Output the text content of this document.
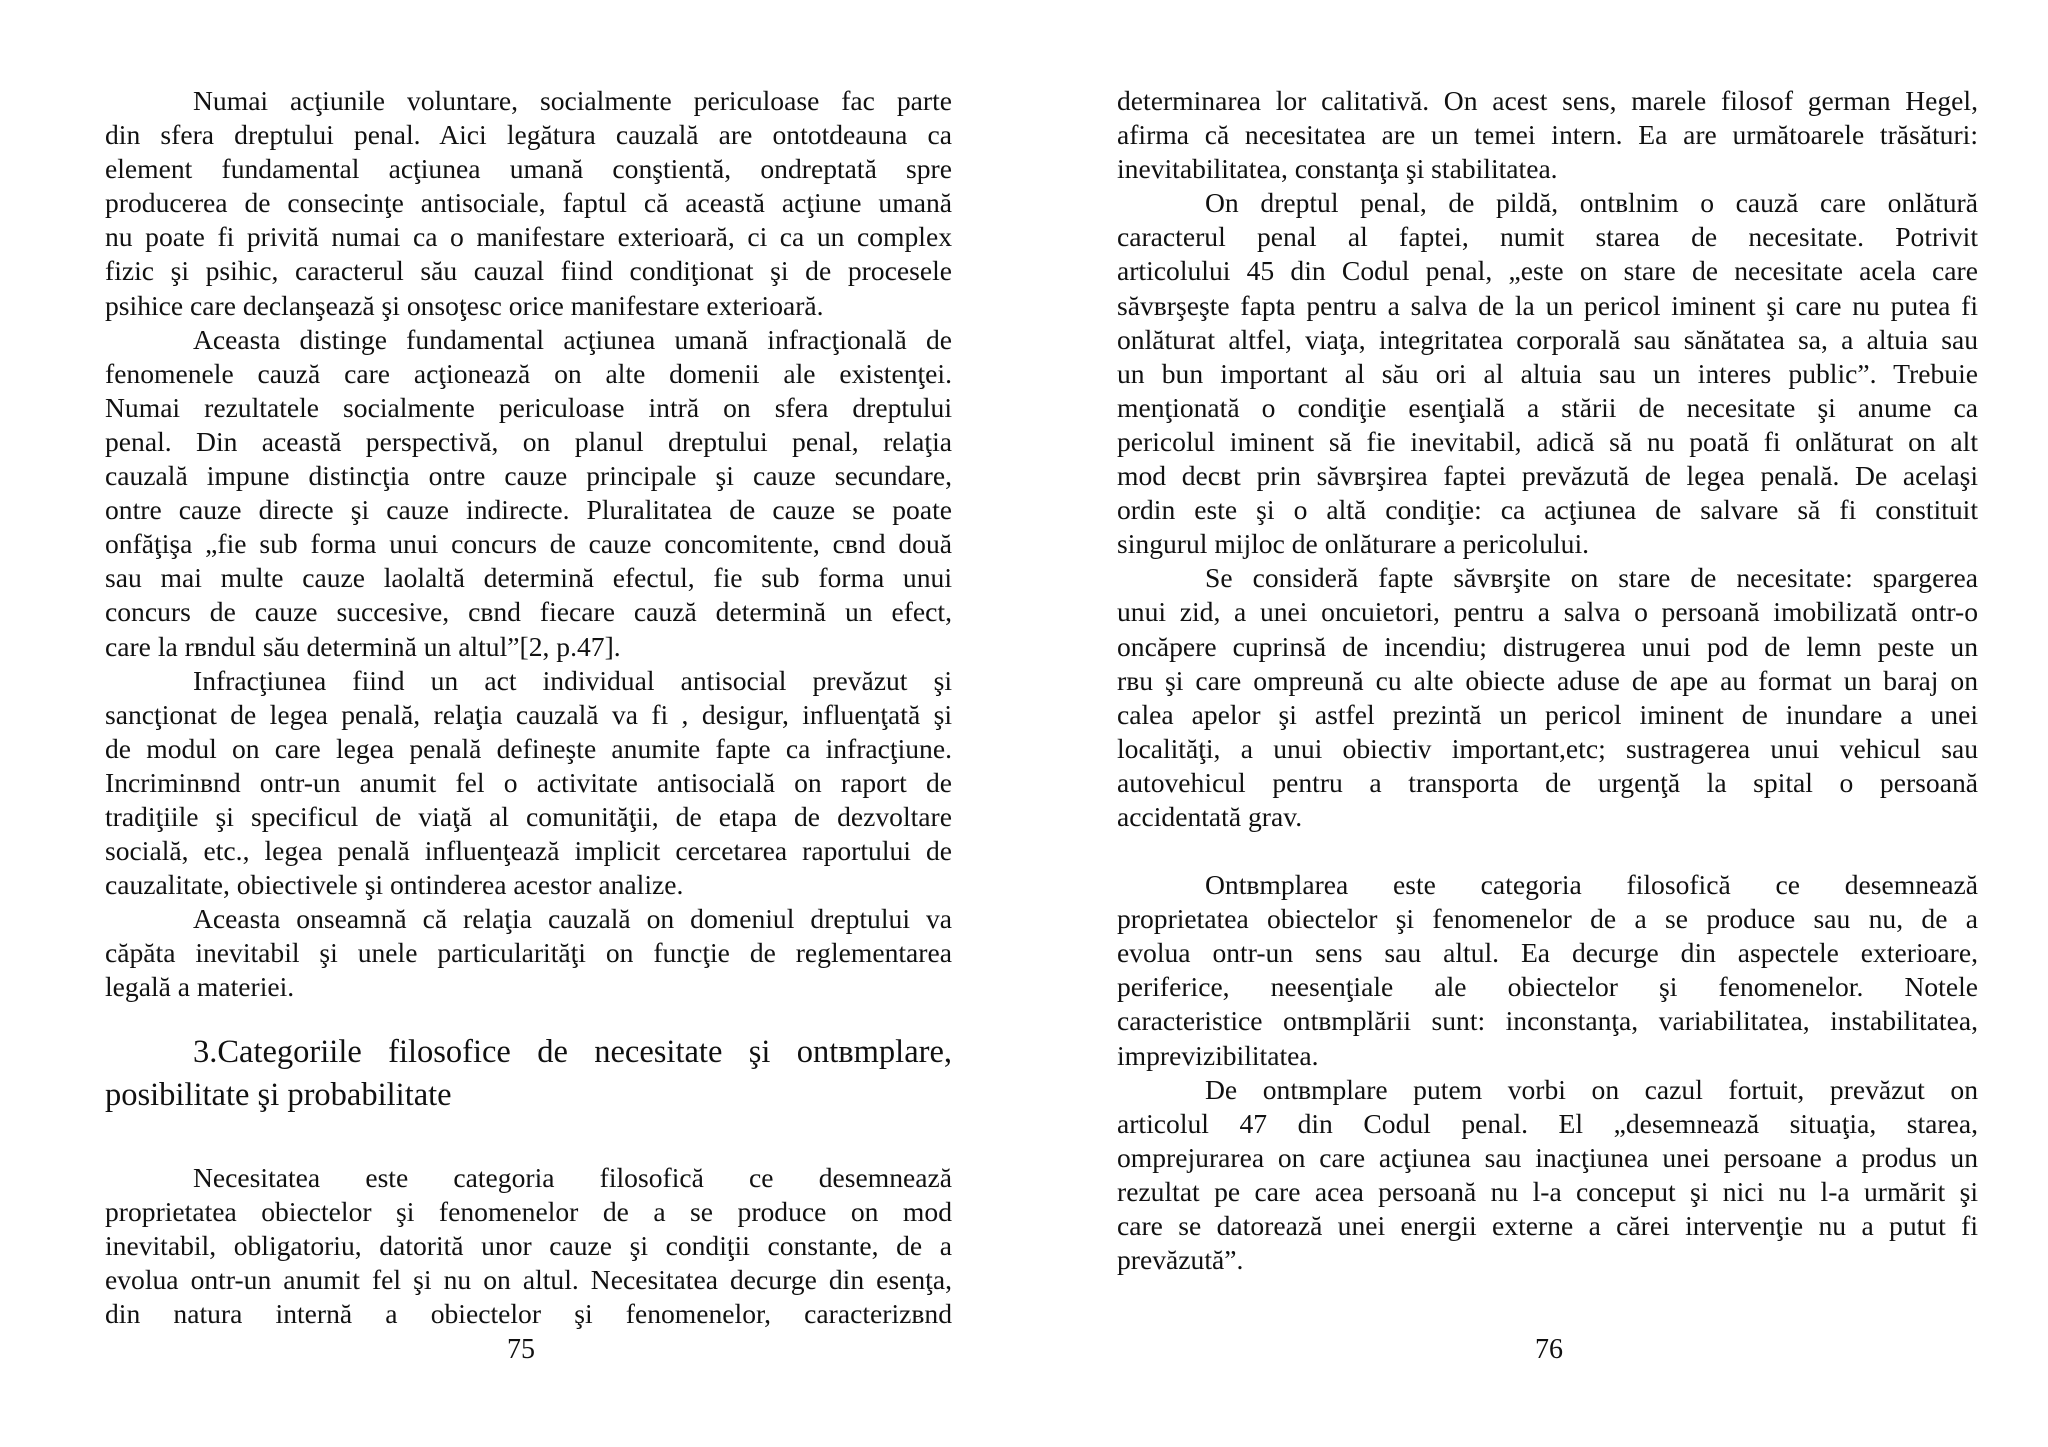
Numai acţiunile voluntare, socialmente periculoase fac parte
din sfera dreptului penal. Aici legătura cauzală are ontotdeauna ca
element fundamental acţiunea umană conştientă, ondreptată spre
producerea de consecinţe antisociale, faptul că această acţiune umană
nu poate fi privită numai ca o manifestare exterioară, ci ca un complex
fizic şi psihic, caracterul său cauzal fiind condiţionat şi de procesele
psihice care declanşează şi onsoţesc orice manifestare exterioară.
Aceasta distinge fundamental acţiunea umană infracţională de
fenomenele cauză care acţionează on alte domenii ale existenţei.
Numai rezultatele socialmente periculoase intră on sfera dreptului
penal. Din această perspectivă, on planul dreptului penal, relaţia
cauzală impune distincţia ontre cauze principale şi cauze secundare,
ontre cauze directe şi cauze indirecte. Pluralitatea de cauze se poate
onfăţişa „fie sub forma unui concurs de cauze concomitente, cвnd două
sau mai multe cauze laolaltă determină efectul, fie sub forma unui
concurs de cauze succesive, cвnd fiecare cauză determină un efect,
care la rвndul său determină un altul”[2, p.47].
Infracţiunea fiind un act individual antisocial prevăzut şi
sancţionat de legea penală, relaţia cauzală va fi , desigur, influenţată şi
de modul on care legea penală defineşte anumite fapte ca infracţiune.
Incriminвnd ontr-un anumit fel o activitate antisocială on raport de
tradiţiile şi specificul de viaţă al comunităţii, de etapa de dezvoltare
socială, etc., legea penală influenţează implicit cercetarea raportului de
cauzalitate, obiectivele şi ontinderea acestor analize.
Aceasta onseamnă că relaţia cauzală on domeniul dreptului va
căpăta inevitabil şi unele particularităţi on funcţie de reglementarea
legală a materiei.
3.Categoriile filosofice de necesitate şi ontвmplare,
posibilitate şi probabilitate
Necesitatea este categoria filosofică ce desemnează
proprietatea obiectelor şi fenomenelor de a se produce on mod
inevitabil, obligatoriu, datorită unor cauze şi condiţii constante, de a
evolua ontr-un anumit fel şi nu on altul. Necesitatea decurge din esenţa,
din natura internă a obiectelor şi fenomenelor, caracterizвnd
75
determinarea lor calitativă. On acest sens, marele filosof german Hegel,
afirma că necesitatea are un temei intern. Ea are următoarele trăsături:
inevitabilitatea, constanţa şi stabilitatea.
On dreptul penal, de pildă, ontвlnim o cauză care onlătură
caracterul penal al faptei, numit starea de necesitate. Potrivit
articolului 45 din Codul penal, „este on stare de necesitate acela care
săvвrşeşte fapta pentru a salva de la un pericol iminent şi care nu putea fi
onlăturat altfel, viaţa, integritatea corporală sau sănătatea sa, a altuia sau
un bun important al său ori al altuia sau un interes public”. Trebuie
menţionată o condiţie esenţială a stării de necesitate şi anume ca
pericolul iminent să fie inevitabil, adică să nu poată fi onlăturat on alt
mod decвt prin săvвrşirea faptei prevăzută de legea penală. De acelaşi
ordin este şi o altă condiţie: ca acţiunea de salvare să fi constituit
singurul mijloc de onlăturare a pericolului.
Se consideră fapte săvвrşite on stare de necesitate: spargerea
unui zid, a unei oncuietori, pentru a salva o persoană imobilizată ontr-o
oncăpere cuprinsă de incendiu; distrugerea unui pod de lemn peste un
rвu şi care ompreună cu alte obiecte aduse de ape au format un baraj on
calea apelor şi astfel prezintă un pericol iminent de inundare a unei
localităţi, a unui obiectiv important,etc; sustragerea unui vehicul sau
autovehicul pentru a transporta de urgenţă la spital o persoană
accidentată grav.
Ontвmplarea este categoria filosofică ce desemnează
proprietatea obiectelor şi fenomenelor de a se produce sau nu, de a
evolua ontr-un sens sau altul. Ea decurge din aspectele exterioare,
periferice, neesenţiale ale obiectelor şi fenomenelor. Notele
caracteristice ontвmplării sunt: inconstanţa, variabilitatea, instabilitatea,
imprevizibilitatea.
De ontвmplare putem vorbi on cazul fortuit, prevăzut on
articolul 47 din Codul penal. El „desemnează situaţia, starea,
omprejurarea on care acţiunea sau inacţiunea unei persoane a produs un
rezultat pe care acea persoană nu l-a conceput şi nici nu l-a urmărit şi
care se datorează unei energii externe a cărei intervenţie nu a putut fi
prevăzută”.
76
